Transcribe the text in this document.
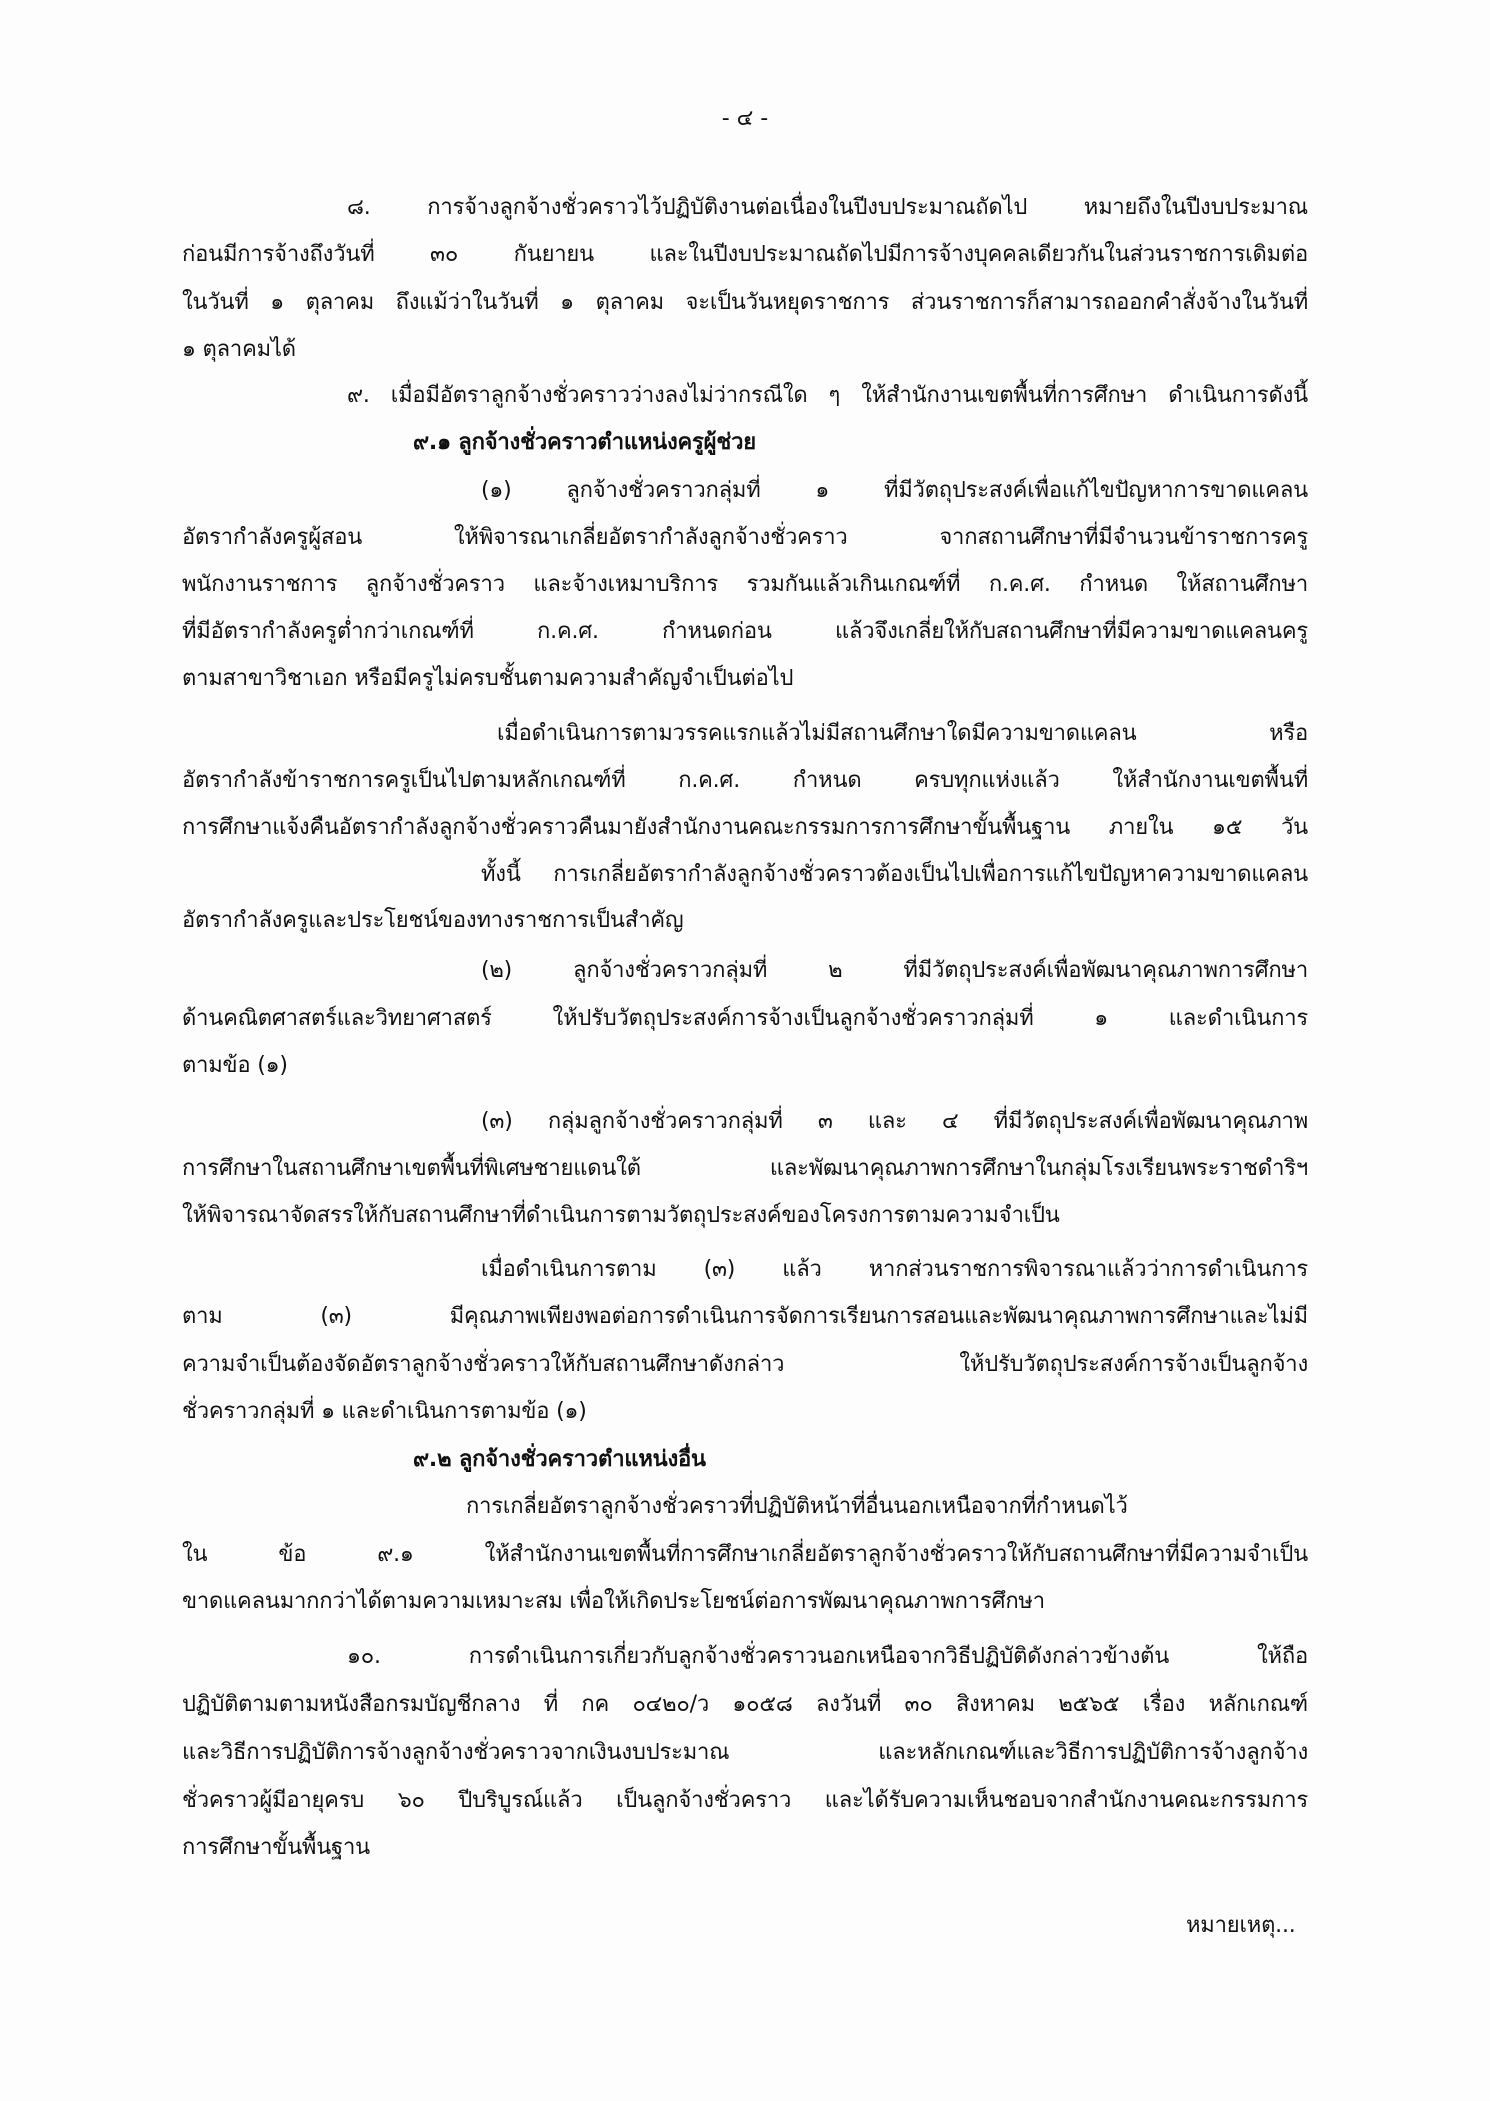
- ๔ -
๘. การจ้างลูกจ้างชั่วคราวไว้ปฏิบัติงานต่อเนื่องในปีงบประมาณถัดไป หมายถึงในปีงบประมาณ
ก่อนมีการจ้างถึงวันที่ ๓๐ กันยายน และในปีงบประมาณถัดไปมีการจ้างบุคคลเดียวกันในส่วนราชการเดิมต่อ
ในวันที่ ๑ ตุลาคม ถึงแม้ว่าในวันที่ ๑ ตุลาคม จะเป็นวันหยุดราชการ ส่วนราชการก็สามารถออกคำสั่งจ้างในวันที่
๑ ตุลาคมได้
๙. เมื่อมีอัตราลูกจ้างชั่วคราวว่างลงไม่ว่ากรณีใด ๆ ให้สำนักงานเขตพื้นที่การศึกษา ดำเนินการดังนี้
๙.๑ ลูกจ้างชั่วคราวตำแหน่งครูผู้ช่วย
(๑) ลูกจ้างชั่วคราวกลุ่มที่ ๑ ที่มีวัตถุประสงค์เพื่อแก้ไขปัญหาการขาดแคลน
อัตรากำลังครูผู้สอน ให้พิจารณาเกลี่ยอัตรากำลังลูกจ้างชั่วคราว จากสถานศึกษาที่มีจำนวนข้าราชการครู
พนักงานราชการ ลูกจ้างชั่วคราว และจ้างเหมาบริการ รวมกันแล้วเกินเกณฑ์ที่ ก.ค.ศ. กำหนด ให้สถานศึกษา
ที่มีอัตรากำลังครูต่ำกว่าเกณฑ์ที่ ก.ค.ศ. กำหนดก่อน แล้วจึงเกลี่ยให้กับสถานศึกษาที่มีความขาดแคลนครู
ตามสาขาวิชาเอก หรือมีครูไม่ครบชั้นตามความสำคัญจำเป็นต่อไป
เมื่อดำเนินการตามวรรคแรกแล้วไม่มีสถานศึกษาใดมีความขาดแคลน หรือ
อัตรากำลังข้าราชการครูเป็นไปตามหลักเกณฑ์ที่ ก.ค.ศ. กำหนด ครบทุกแห่งแล้ว ให้สำนักงานเขตพื้นที่
การศึกษาแจ้งคืนอัตรากำลังลูกจ้างชั่วคราวคืนมายังสำนักงานคณะกรรมการการศึกษาขั้นพื้นฐาน ภายใน ๑๕ วัน
ทั้งนี้ การเกลี่ยอัตรากำลังลูกจ้างชั่วคราวต้องเป็นไปเพื่อการแก้ไขปัญหาความขาดแคลน
อัตรากำลังครูและประโยชน์ของทางราชการเป็นสำคัญ
(๒) ลูกจ้างชั่วคราวกลุ่มที่ ๒ ที่มีวัตถุประสงค์เพื่อพัฒนาคุณภาพการศึกษา
ด้านคณิตศาสตร์และวิทยาศาสตร์ ให้ปรับวัตถุประสงค์การจ้างเป็นลูกจ้างชั่วคราวกลุ่มที่ ๑ และดำเนินการ
ตามข้อ (๑)
(๓) กลุ่มลูกจ้างชั่วคราวกลุ่มที่ ๓ และ ๔ ที่มีวัตถุประสงค์เพื่อพัฒนาคุณภาพ
การศึกษาในสถานศึกษาเขตพื้นที่พิเศษชายแดนใต้ และพัฒนาคุณภาพการศึกษาในกลุ่มโรงเรียนพระราชดำริฯ
ให้พิจารณาจัดสรรให้กับสถานศึกษาที่ดำเนินการตามวัตถุประสงค์ของโครงการตามความจำเป็น
เมื่อดำเนินการตาม (๓) แล้ว หากส่วนราชการพิจารณาแล้วว่าการดำเนินการ
ตาม (๓) มีคุณภาพเพียงพอต่อการดำเนินการจัดการเรียนการสอนและพัฒนาคุณภาพการศึกษาและไม่มี
ความจำเป็นต้องจัดอัตราลูกจ้างชั่วคราวให้กับสถานศึกษาดังกล่าว ให้ปรับวัตถุประสงค์การจ้างเป็นลูกจ้าง
ชั่วคราวกลุ่มที่ ๑ และดำเนินการตามข้อ (๑)
๙.๒ ลูกจ้างชั่วคราวตำแหน่งอื่น
การเกลี่ยอัตราลูกจ้างชั่วคราวที่ปฏิบัติหน้าที่อื่นนอกเหนือจากที่กำหนดไว้
ใน ข้อ ๙.๑ ให้สำนักงานเขตพื้นที่การศึกษาเกลี่ยอัตราลูกจ้างชั่วคราวให้กับสถานศึกษาที่มีความจำเป็น
ขาดแคลนมากกว่าได้ตามความเหมาะสม เพื่อให้เกิดประโยชน์ต่อการพัฒนาคุณภาพการศึกษา
๑๐. การดำเนินการเกี่ยวกับลูกจ้างชั่วคราวนอกเหนือจากวิธีปฏิบัติดังกล่าวข้างต้น ให้ถือ
ปฏิบัติตามตามหนังสือกรมบัญชีกลาง ที่ กค ๐๔๒๐/ว ๑๐๕๘ ลงวันที่ ๓๐ สิงหาคม ๒๕๖๕ เรื่อง หลักเกณฑ์
และวิธีการปฏิบัติการจ้างลูกจ้างชั่วคราวจากเงินงบประมาณ และหลักเกณฑ์และวิธีการปฏิบัติการจ้างลูกจ้าง
ชั่วคราวผู้มีอายุครบ ๖๐ ปีบริบูรณ์แล้ว เป็นลูกจ้างชั่วคราว และได้รับความเห็นชอบจากสำนักงานคณะกรรมการ
การศึกษาขั้นพื้นฐาน
หมายเหตุ...
